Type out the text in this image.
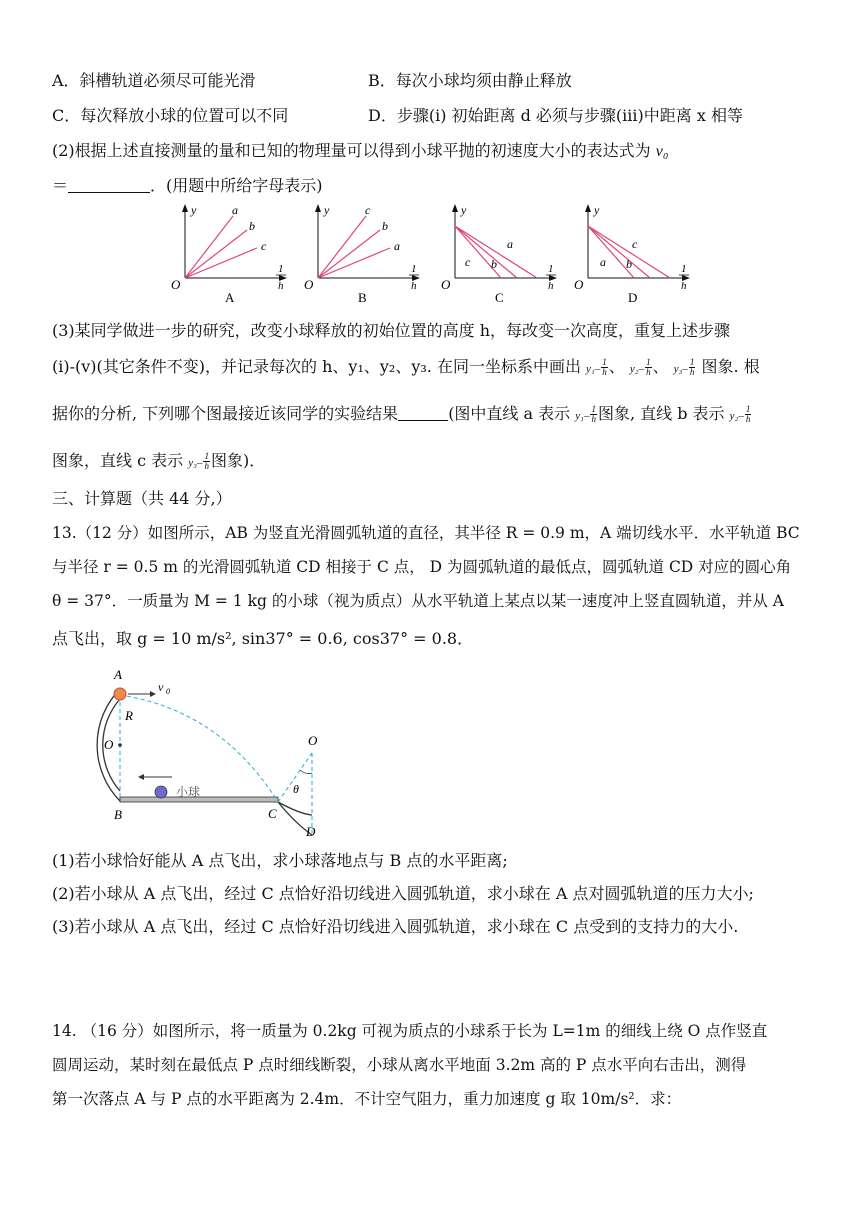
A．斜槽轨道必须尽可能光滑	B．每次小球均须由静止释放
C．每次释放小球的位置可以不同	D．步骤(ⅰ) 初始距离 d 必须与步骤(ⅲ)中距离 x 相等
(2)根据上述直接测量的量和已知的物理量可以得到小球平抛的初速度大小的表达式为 v₀
＝	．(用题中所给字母表示)
y
O
1
h
A
a
b
c
y
O
1
h
B
c
b
a
y
O
1
h
C
a
c b
y
O
1
h
D
c
a b
(3)某同学做进一步的研究，改变小球释放的初始位置的高度 h，每改变一次高度，重复上述步骤
(ⅰ)-(ⅴ)(其它条件不变)，并记录每次的 h、y₁、y₂、y₃. 在同一坐标系中画出 $y_1- \frac{1}{h}$ 、 $y_2- \frac{1}{h}$ 、 $y_3- \frac{1}{h}$ 图象. 根
据你的分析, 下列哪个图最接近该同学的实验结果	(图中直线 a 表示 $y_1- \frac{1}{h}$ 图象, 直线 b 表示 $y_2- \frac{1}{h}$
图象，直线 c 表示 $y_3- \frac{1}{h}$ 图象)．
三、计算题（共 44 分,）
13.（12 分）如图所示，AB 为竖直光滑圆弧轨道的直径，其半径 R = 0.9 m，A 端切线水平．水平轨道 BC
与半径 r = 0.5 m 的光滑圆弧轨道 CD 相接于 C 点， D 为圆弧轨道的最低点，圆弧轨道 CD 对应的圆心角
θ = 37°．一质量为 M = 1 kg 的小球（视为质点）从水平轨道上某点以某一速度冲上竖直圆轨道，并从 A
点飞出，取 g = 10 m/s², sin37° = 0.6, cos37° = 0.8．
A
v 0
R
O
B	C
O
θ
D
小球
(1)若小球恰好能从 A 点飞出，求小球落地点与 B 点的水平距离;
(2)若小球从 A 点飞出，经过 C 点恰好沿切线进入圆弧轨道，求小球在 A 点对圆弧轨道的压力大小;
(3)若小球从 A 点飞出，经过 C 点恰好沿切线进入圆弧轨道，求小球在 C 点受到的支持力的大小.
14. （16 分）如图所示，将一质量为 0.2kg 可视为质点的小球系于长为 L=1m 的细线上绕 O 点作竖直
圆周运动，某时刻在最低点 P 点时细线断裂，小球从离水平地面 3.2m 高的 P 点水平向右击出，测得
第一次落点 A 与 P 点的水平距离为 2.4m．不计空气阻力，重力加速度 g 取 10m/s²．求：
